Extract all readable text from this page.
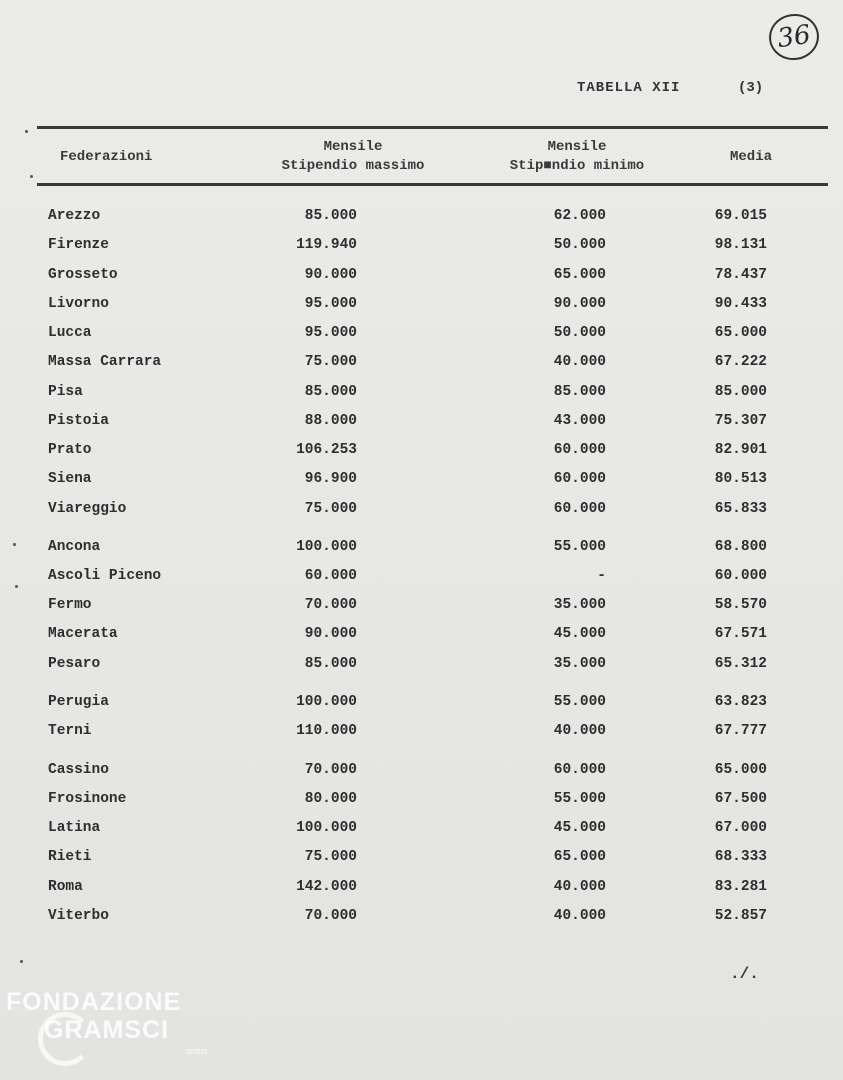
36
TABELLA XII	(3)
Federazioni
Mensile
Stipendio massimo
Mensile
Stip■ndio minimo
Media
Arezzo	85.000	62.000	69.015
Firenze	119.940	50.000	98.131
Grosseto	90.000	65.000	78.437
Livorno	95.000	90.000	90.433
Lucca	95.000	50.000	65.000
Massa Carrara	75.000	40.000	67.222
Pisa	85.000	85.000	85.000
Pistoia	88.000	43.000	75.307
Prato	106.253	60.000	82.901
Siena	96.900	60.000	80.513
Viareggio	75.000	60.000	65.833
Ancona	100.000	55.000	68.800
Ascoli Piceno	60.000	-	60.000
Fermo	70.000	35.000	58.570
Macerata	90.000	45.000	67.571
Pesaro	85.000	35.000	65.312
Perugia	100.000	55.000	63.823
Terni	110.000	40.000	67.777
Cassino	70.000	60.000	65.000
Frosinone	80.000	55.000	67.500
Latina	100.000	45.000	67.000
Rieti	75.000	65.000	68.333
Roma	142.000	40.000	83.281
Viterbo	70.000	40.000	52.857
./.
FONDAZIONE
GRAMSCI
onlus
